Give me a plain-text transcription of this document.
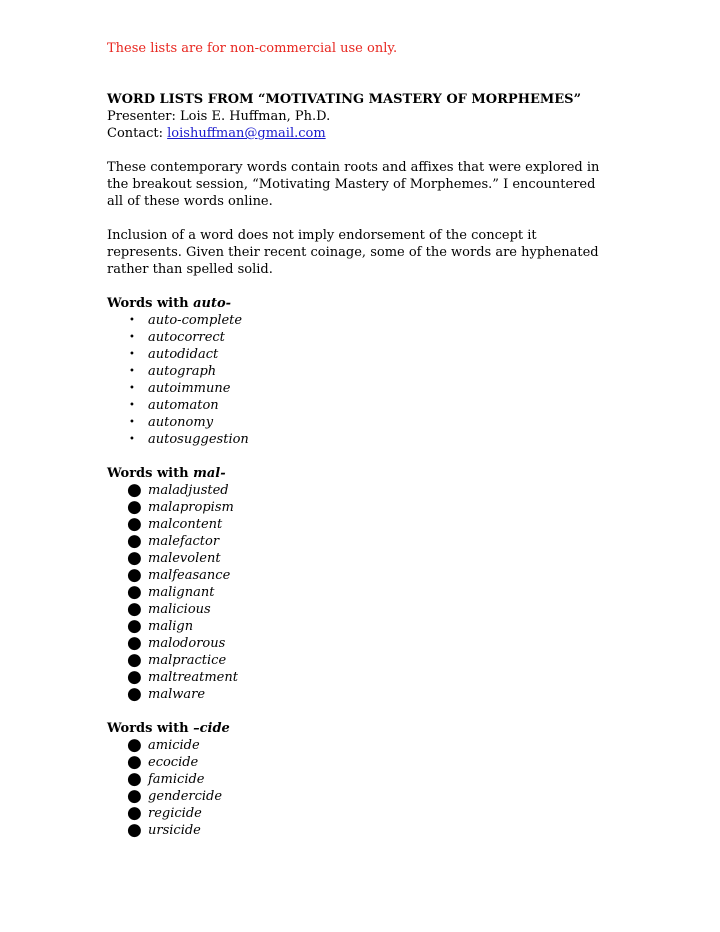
These lists are for non-commercial use only.

WORD LISTS FROM “MOTIVATING MASTERY OF MORPHEMES”

Presenter: Lois E. Huffman, Ph.D.

Contact: loishuffman@gmail.com

These contemporary words contain roots and affixes that were explored in the breakout session, “Motivating Mastery of Morphemes.” I encountered all of these words online.

Inclusion of a word does not imply endorsement of the concept it represents. Given their recent coinage, some of the words are hyphenated rather than spelled solid.

Words with auto-

• auto-complete
• autocorrect
• autodidact
• autograph
• autoimmune
• automaton
• autonomy
• autosuggestion

Words with mal-

● maladjusted
● malapropism
● malcontent
● malefactor
● malevolent
● malfeasance
● malignant
● malicious
● malign
● malodorous
● malpractice
● maltreatment
● malware

Words with –cide

● amicide
● ecocide
● famicide
● gendercide
● regicide
● ursicide
